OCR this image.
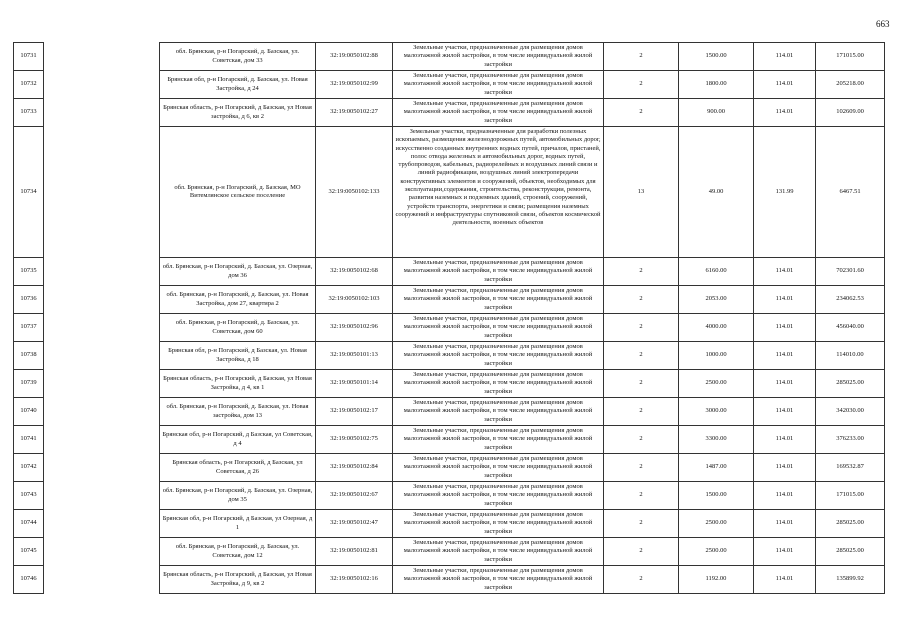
663
10731		обл. Брянская, р-н Погарский, д. Базская, ул. Советская, дом 33	32:19:0050102:88	Земельные участки, предназначенные для размещения домов малоэтажной жилой застройки, в том числе индивидуальной жилой застройки	2	1500.00	114.01	171015.00
10732		Брянская обл, р-н Погарский, д. Базская, ул. Новая Застройка, д 24	32:19:0050102:99	Земельные участки, предназначенные для размещения домов малоэтажной жилой застройки, в том числе индивидуальной жилой застройки	2	1800.00	114.01	205218.00
10733		Брянская область, р-н Погарский, д Базская, ул Новая застройка, д 6, кв 2	32:19:0050102:27	Земельные участки, предназначенные для размещения домов малоэтажной жилой застройки, в том числе индивидуальной жилой застройки	2	900.00	114.01	102609.00
10734		обл. Брянская, р-н Погарский, д. Базская, МО Витемлянское сельское поселение	32:19:0050102:133	Земельные участки, предназначенные для разработки полезных ископаемых, размещения железнодорожных путей, автомобильных дорог, искусственно созданных внутренних водных путей, причалов, пристаней, полос отвода железных и автомобильных дорог, водных путей, трубопроводов, кабельных, радиорелейных и воздушных линий связи и линий радиофикации, воздушных линий электропередачи конструктивных элементов и сооружений, объектов, необходимых для эксплуатации,содержания, строительства, реконструкции, ремонта, развития наземных и подземных зданий, строений, сооружений, устройств транспорта, энергетики и связи; размещения наземных сооружений и инфраструктуры спутниковой связи, объектов космической деятельности, военных объектов	13	49.00	131.99	6467.51
10735		обл. Брянская, р-н Погарский, д. Базская, ул. Озерная, дом 36	32:19:0050102:68	Земельные участки, предназначенные для размещения домов малоэтажной жилой застройки, в том числе индивидуальной жилой застройки	2	6160.00	114.01	702301.60
10736		обл. Брянская, р-н Погарский, д. Базская, ул. Новая Застройка, дом 27, квартира 2	32:19:0050102:103	Земельные участки, предназначенные для размещения домов малоэтажной жилой застройки, в том числе индивидуальной жилой застройки	2	2053.00	114.01	234062.53
10737		обл. Брянская, р-н Погарский, д. Базская, ул. Советская, дом 60	32:19:0050102:96	Земельные участки, предназначенные для размещения домов малоэтажной жилой застройки, в том числе индивидуальной жилой застройки	2	4000.00	114.01	456040.00
10738		Брянская обл, р-н Погарский, д Базская, ул. Новая Застройка, д 18	32:19:0050101:13	Земельные участки, предназначенные для размещения домов малоэтажной жилой застройки, в том числе индивидуальной жилой застройки	2	1000.00	114.01	114010.00
10739		Брянская область, р-н Погарский, д Базская, ул Новая Застройка, д 4, кв 1	32:19:0050101:14	Земельные участки, предназначенные для размещения домов малоэтажной жилой застройки, в том числе индивидуальной жилой застройки	2	2500.00	114.01	285025.00
10740		обл. Брянская, р-н Погарский, д. Базская, ул. Новая застройка, дом 13	32:19:0050102:17	Земельные участки, предназначенные для размещения домов малоэтажной жилой застройки, в том числе индивидуальной жилой застройки	2	3000.00	114.01	342030.00
10741		Брянская обл, р-н Погарский, д Базская, ул Советская, д 4	32:19:0050102:75	Земельные участки, предназначенные для размещения домов малоэтажной жилой застройки, в том числе индивидуальной жилой застройки	2	3300.00	114.01	376233.00
10742		Брянская область, р-н Погарский, д Базская, ул Советская, д 26	32:19:0050102:84	Земельные участки, предназначенные для размещения домов малоэтажной жилой застройки, в том числе индивидуальной жилой застройки	2	1487.00	114.01	169532.87
10743		обл. Брянская, р-н Погарский, д. Базская, ул. Озерная, дом 35	32:19:0050102:67	Земельные участки, предназначенные для размещения домов малоэтажной жилой застройки, в том числе индивидуальной жилой застройки	2	1500.00	114.01	171015.00
10744		Брянская обл, р-н Погарский, д Базская, ул Озерная, д 1	32:19:0050102:47	Земельные участки, предназначенные для размещения домов малоэтажной жилой застройки, в том числе индивидуальной жилой застройки	2	2500.00	114.01	285025.00
10745		обл. Брянская, р-н Погарский, д. Базская, ул. Советская, дом 12	32:19:0050102:81	Земельные участки, предназначенные для размещения домов малоэтажной жилой застройки, в том числе индивидуальной жилой застройки	2	2500.00	114.01	285025.00
10746		Брянская область, р-н Погарский, д Базская, ул Новая Застройка, д 9, кв 2	32:19:0050102:16	Земельные участки, предназначенные для размещения домов малоэтажной жилой застройки, в том числе индивидуальной жилой застройки	2	1192.00	114.01	135899.92
